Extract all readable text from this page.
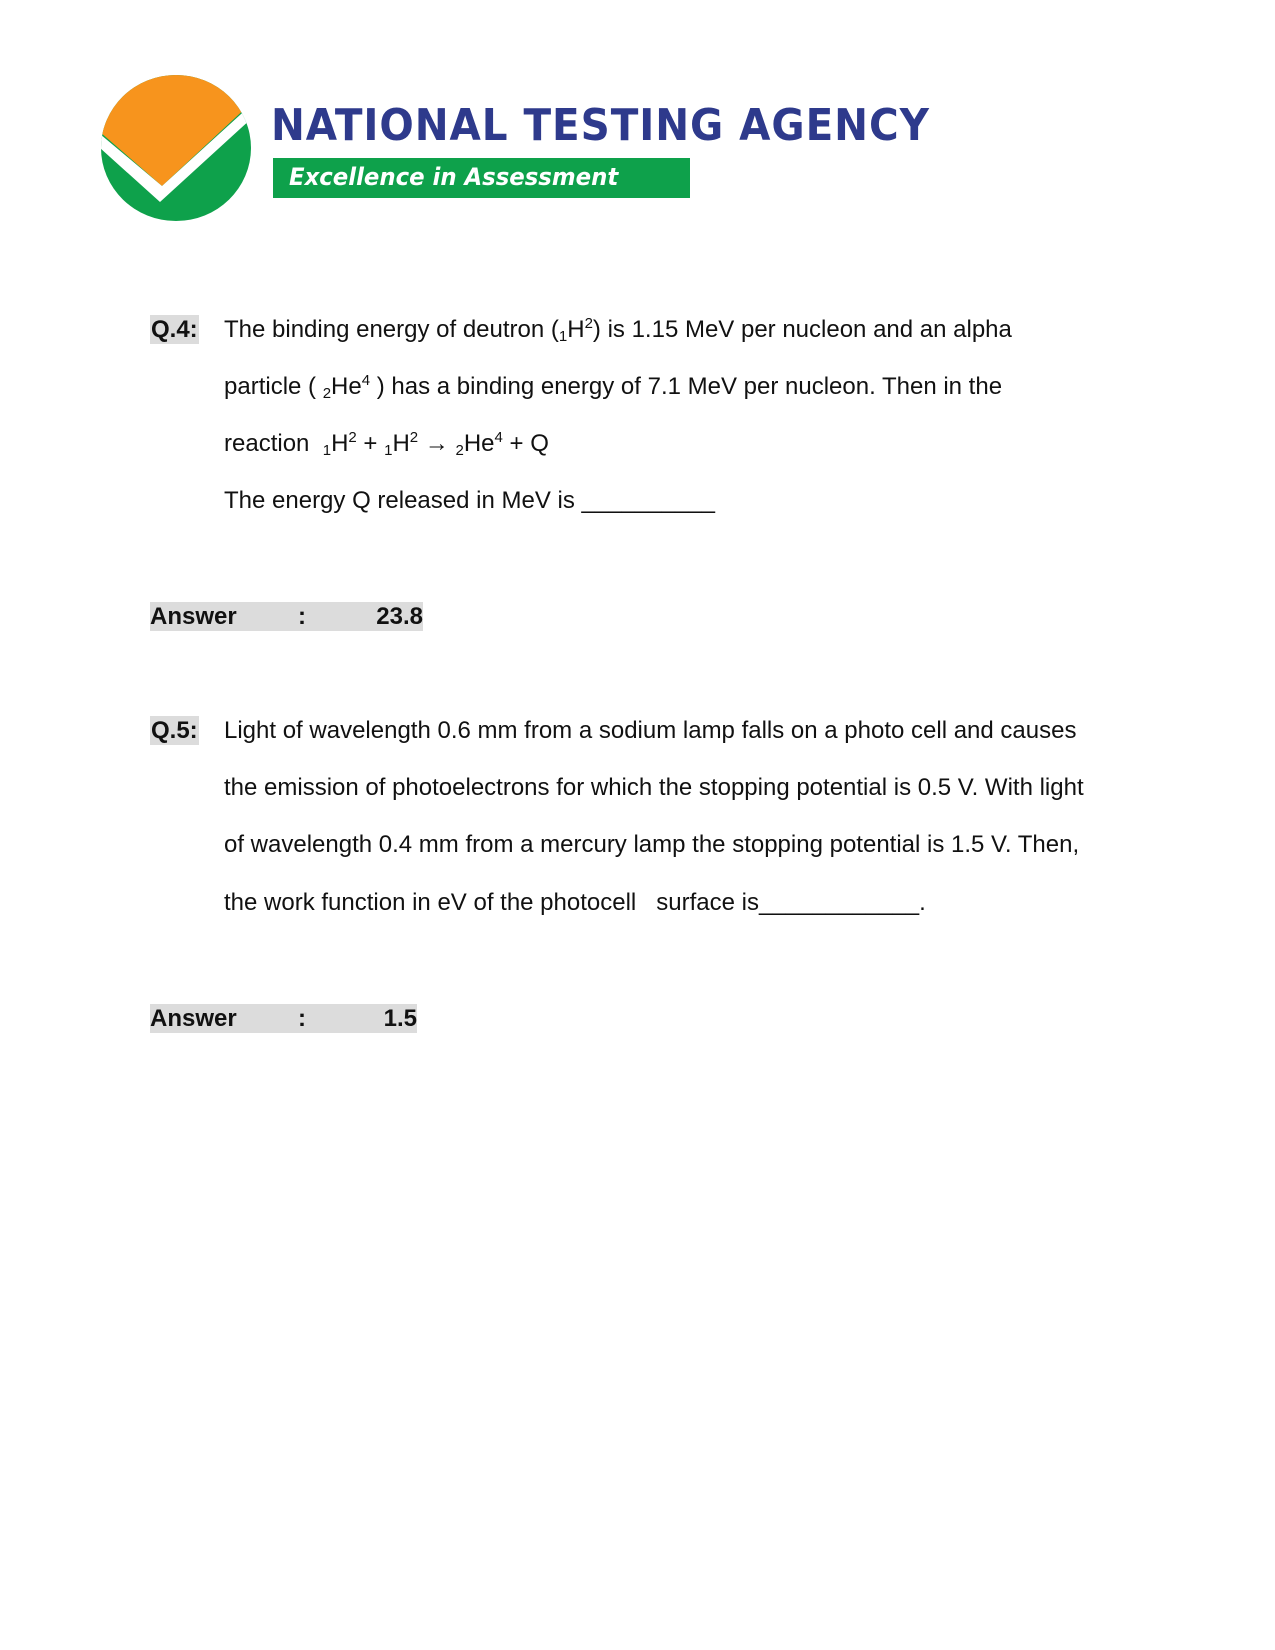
NATIONAL TESTING AGENCY
Excellence in Assessment
Q.4: The binding energy of deutron $(_1H^2)$ is 1.15 MeV per nucleon and an alpha
particle ( $_2He^4$ ) has a binding energy of 7.1 MeV per nucleon. Then in the
reaction  $_1H^2 + _1H^2 \to _2He^4 + Q$
The energy Q released in MeV is __________
Answer	:	23.8
Q.5: Light of wavelength 0.6 mm from a sodium lamp falls on a photo cell and causes
the emission of photoelectrons for which the stopping potential is 0.5 V. With light
of wavelength 0.4 mm from a mercury lamp the stopping potential is 1.5 V. Then,
the work function in eV of the photocell   surface is____________.
Answer	:	1.5
